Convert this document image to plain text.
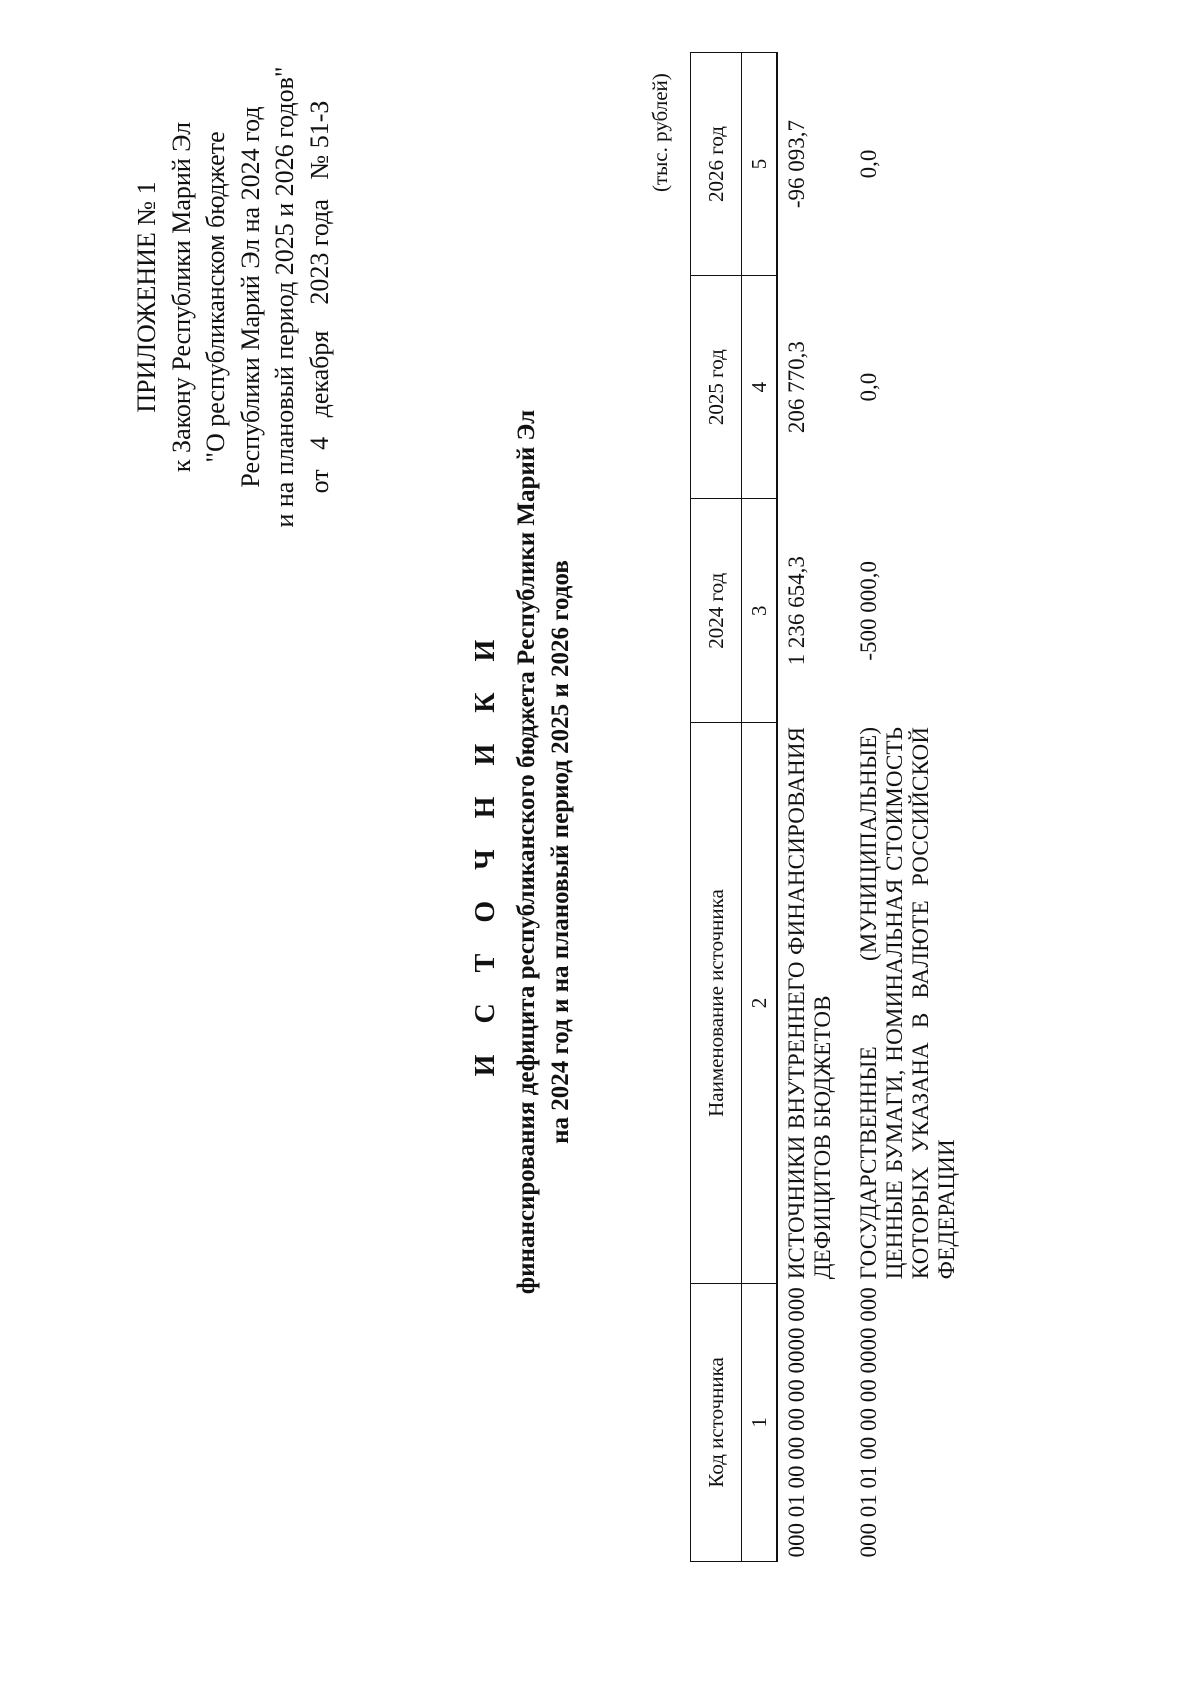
ПРИЛОЖЕНИЕ № 1 к Закону Республики Марий Эл "О республиканском бюджете Республики Марий Эл на 2024 год и на плановый период 2025 и 2026 годов" от   4   декабря    2023 года   № 51-З
И С Т О Ч Н И К И финансирования дефицита республиканского бюджета Республики Марий Эл на 2024 год и на плановый период 2025 и 2026 годов
(тыс. рублей)
Код источника	Наименование источника	2024 год	2025 год	2026 год
1	2	3	4	5
000 01 00 00 00 00 0000 000	ИСТОЧНИКИ ВНУТРЕННЕГО ФИНАНСИРОВАНИЯ ДЕФИЦИТОВ БЮДЖЕТОВ	1 236 654,3	206 770,3	-96 093,7
000 01 01 00 00 00 0000 000	ГОСУДАРСТВЕННЫЕ (МУНИЦИПАЛЬНЫЕ) ЦЕННЫЕ БУМАГИ, НОМИНАЛЬНАЯ СТОИМОСТЬ КОТОРЫХ УКАЗАНА В ВАЛЮТЕ РОССИЙСКОЙ ФЕДЕРАЦИИ	-500 000,0	0,0	0,0
